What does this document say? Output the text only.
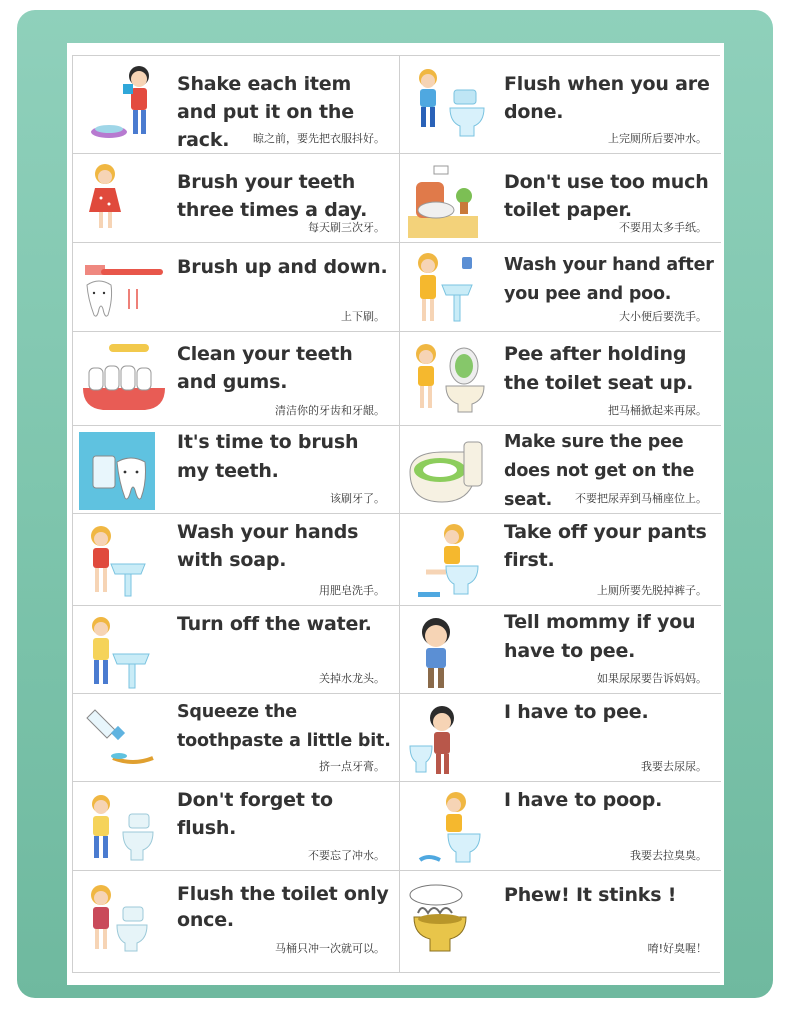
Shake each item and put it on the rack.	晾之前，要先把衣服抖好。
Flush when you are done.
上完厕所后要冲水。
Brush your teeth three times a day.
每天刷三次牙。
Don't use too much toilet paper.
不要用太多手纸。
Brush up and down.
上下刷。
Wash your hand after you pee and poo.
大小便后要洗手。
Clean your teeth and gums.
清洁你的牙齿和牙龈。
Pee after holding the toilet seat up.
把马桶掀起来再尿。
It's time to brush my teeth.
该刷牙了。
Make sure the pee does not get on the seat.	不要把尿弄到马桶座位上。
Wash your hands with soap.
用肥皂洗手。
Take off your pants first.
上厕所要先脱掉裤子。
Turn off the water.
关掉水龙头。
Tell mommy if you have to pee.
如果尿尿要告诉妈妈。
Squeeze the toothpaste a little bit.
挤一点牙膏。
I have to pee.
我要去尿尿。
Don't forget to flush.
不要忘了冲水。
I have to poop.
我要去拉臭臭。
Flush the toilet only once.
马桶只冲一次就可以。
Phew! It stinks !
唷!好臭喔！
